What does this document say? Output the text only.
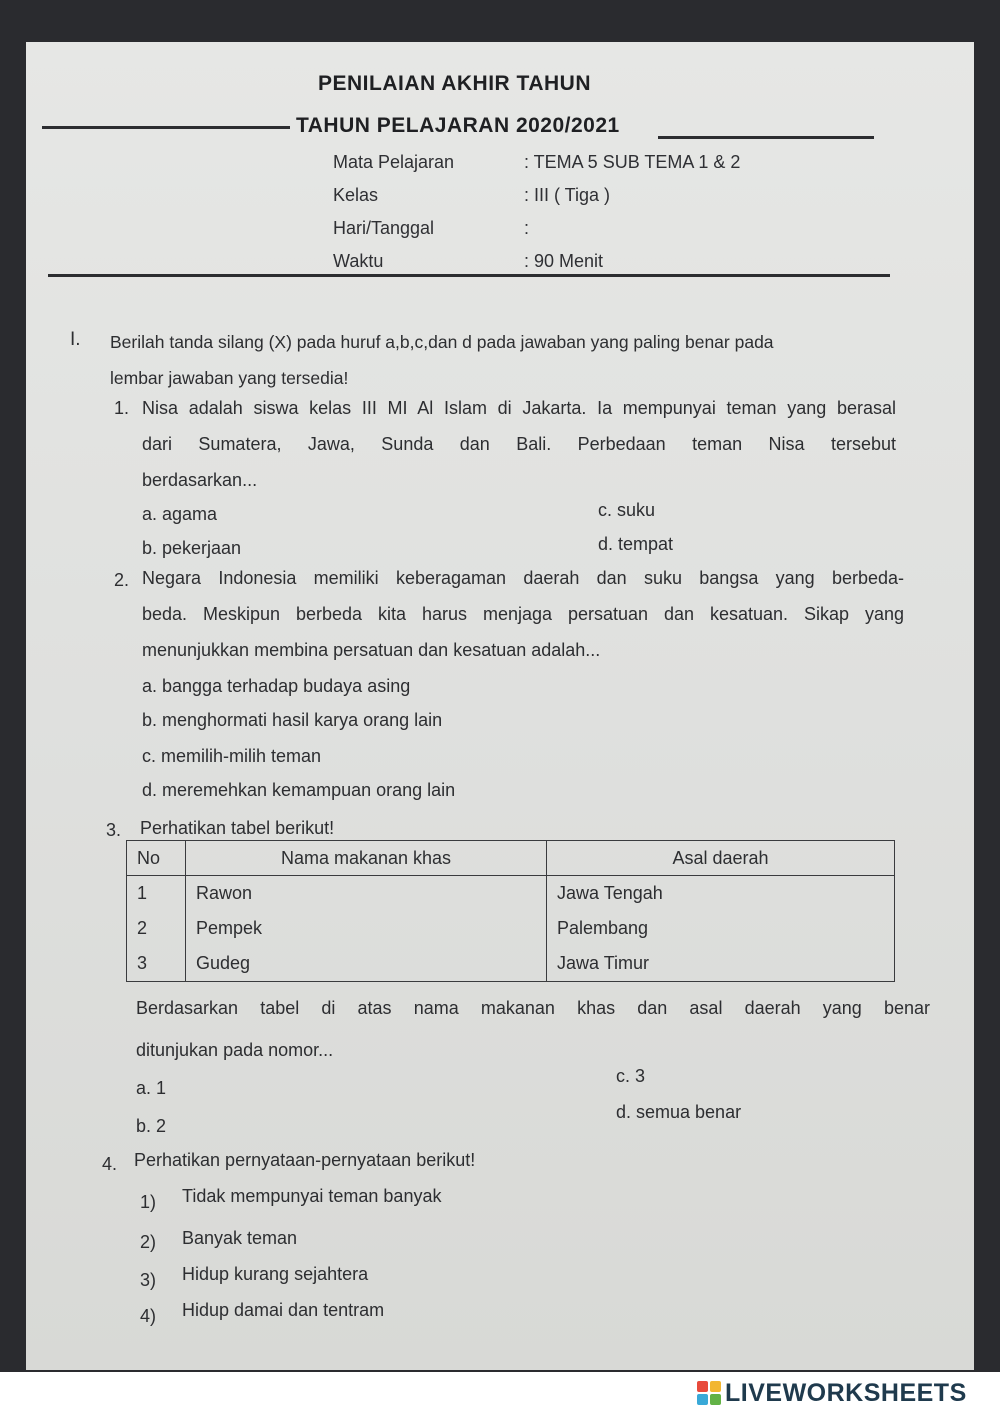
PENILAIAN AKHIR TAHUN
TAHUN PELAJARAN 2020/2021
Mata Pelajaran	: TEMA 5 SUB TEMA 1 & 2
Kelas	: III ( Tiga )
Hari/Tanggal	:
Waktu	: 90 Menit
I. Berilah tanda silang (X) pada huruf a,b,c,dan d pada jawaban yang paling benar pada
lembar jawaban yang tersedia!
1. Nisa adalah siswa kelas III MI Al Islam di Jakarta. Ia mempunyai teman yang berasal
dari Sumatera, Jawa, Sunda dan Bali. Perbedaan teman Nisa tersebut
berdasarkan...
a. agama
b. pekerjaan
c. suku
d. tempat
2. Negara Indonesia memiliki keberagaman daerah dan suku bangsa yang berbeda-
beda. Meskipun berbeda kita harus menjaga persatuan dan kesatuan. Sikap yang
menunjukkan membina persatuan dan kesatuan adalah...
a. bangga terhadap budaya asing
b. menghormati hasil karya orang lain
c. memilih-milih teman
d. meremehkan kemampuan orang lain
3. Perhatikan tabel berikut!
No	Nama makanan khas	Asal daerah
1	Rawon	Jawa Tengah
2	Pempek	Palembang
3	Gudeg	Jawa Timur
Berdasarkan tabel di atas nama makanan khas dan asal daerah yang benar
ditunjukan pada nomor...
a. 1
b. 2
c. 3
d. semua benar
4. Perhatikan pernyataan-pernyataan berikut!
1) Tidak mempunyai teman banyak
2) Banyak teman
3) Hidup kurang sejahtera
4) Hidup damai dan tentram
LIVEWORKSHEETS
